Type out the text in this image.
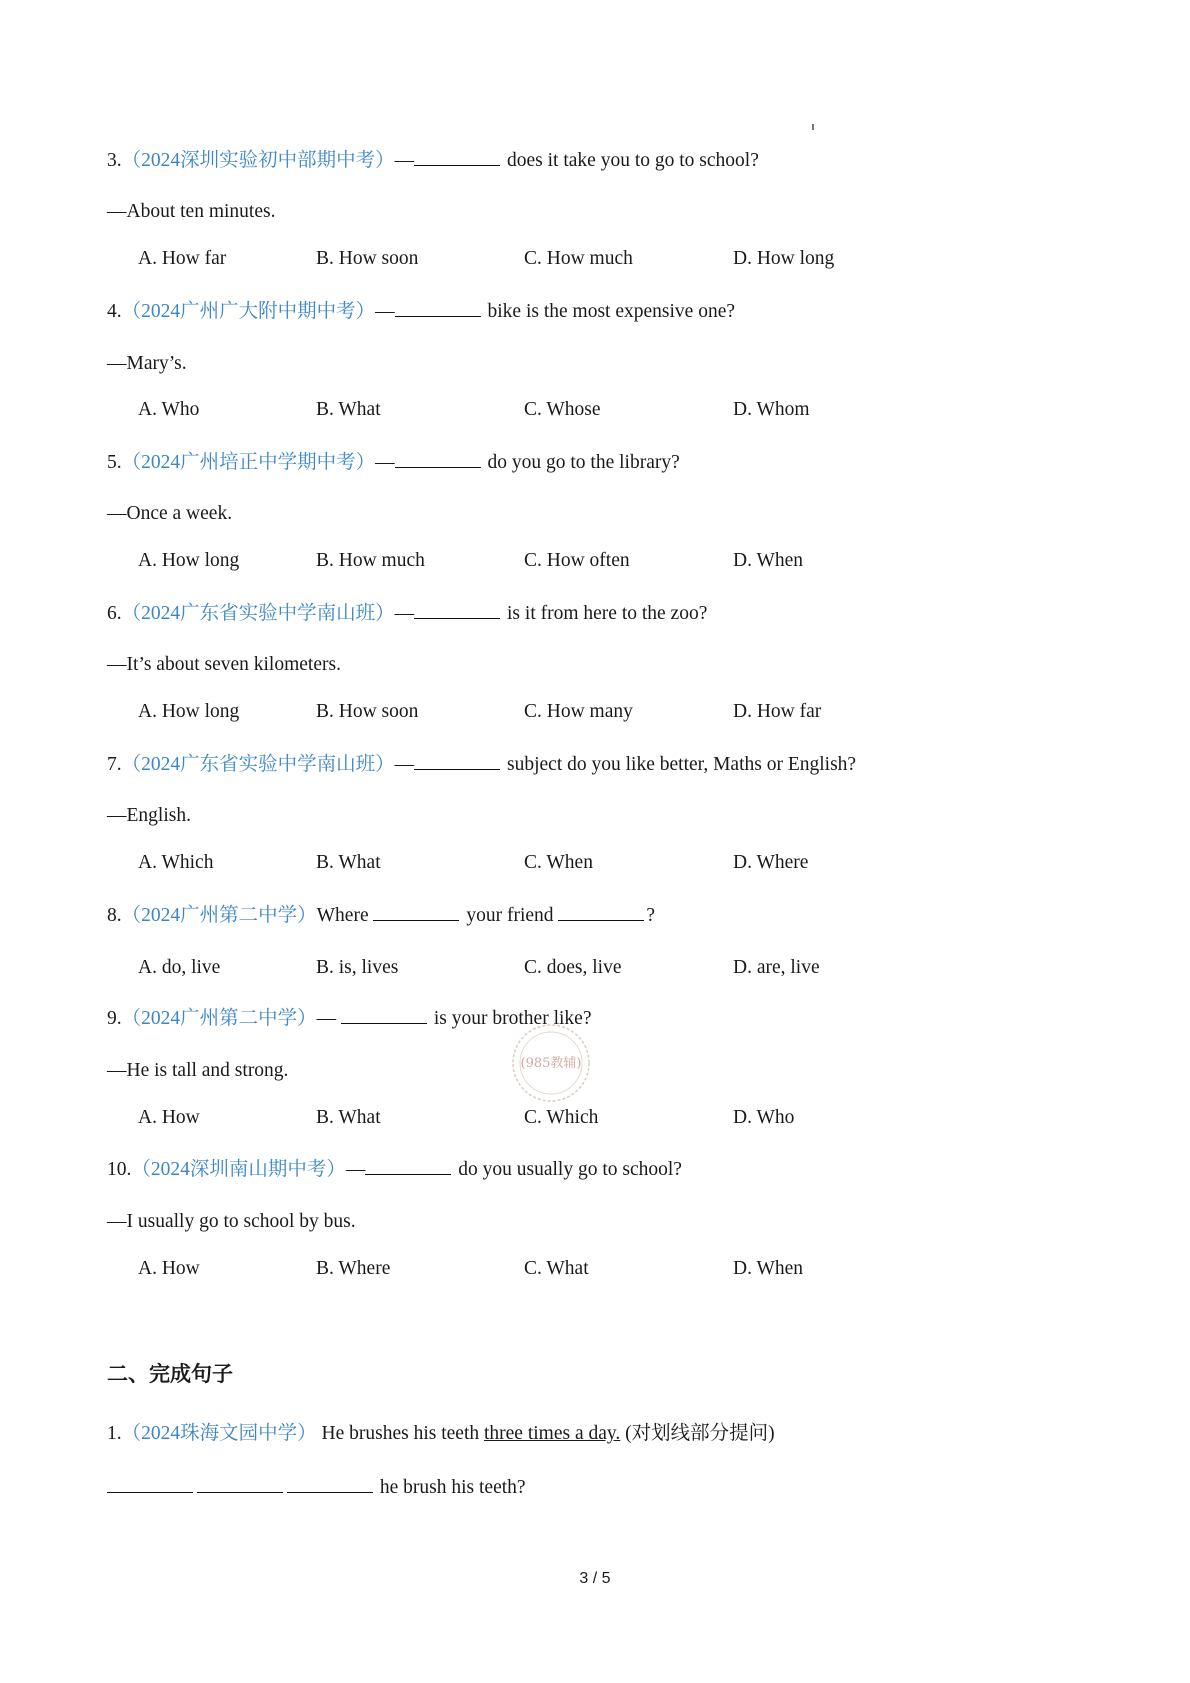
3.（2024深圳实验初中部期中考）—	does it take you to go to school?
—About ten minutes.
A. How far	B. How soon	C. How much	D. How long
4.（2024广州广大附中期中考）—	bike is the most expensive one?
—Mary’s.
A. Who	B. What	C. Whose	D. Whom
5.（2024广州培正中学期中考）—	do you go to the library?
—Once a week.
A. How long	B. How much	C. How often	D. When
6.（2024广东省实验中学南山班）—	is it from here to the zoo?
—It’s about seven kilometers.
A. How long	B. How soon	C. How many	D. How far
7.（2024广东省实验中学南山班）—	subject do you like better, Maths or English?
—English.
A. Which	B. What	C. When	D. Where
8.（2024广州第二中学）Where	your friend	?
A. do, live	B. is, lives	C. does, live	D. are, live
9.（2024广州第二中学）—	is your brother like?
—He is tall and strong.
A. How	B. What	C. Which	D. Who
(985教辅)
10.（2024深圳南山期中考）—	do you usually go to school?
—I usually go to school by bus.
A. How	B. Where	C. What	D. When
二、完成句子
1.（2024珠海文园中学） He brushes his teeth three times a day. (对划线部分提问)
he brush his teeth?
3 / 5
